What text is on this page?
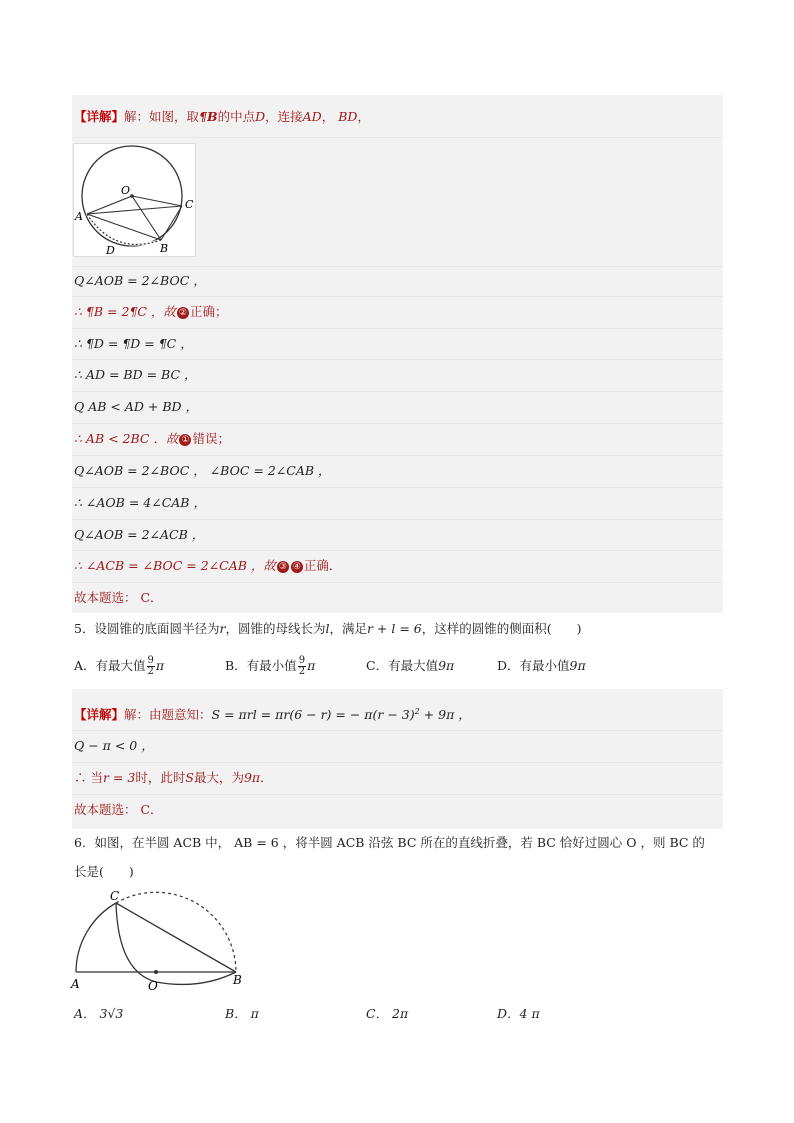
【详解】解：如图，取¶B的中点D，连接AD， BD，
O
A
C
B
D
Q∠AOB = 2∠BOC ，
∴ ¶B = 2¶C ，故 ② 正确；
∴ ¶D = ¶D = ¶C ，
∴ AD = BD = BC ，
Q AB < AD + BD ，
∴ AB < 2BC ．故 ① 错误；
Q∠AOB = 2∠BOC ， ∠BOC = 2∠CAB ，
∴ ∠AOB = 4∠CAB ，
Q∠AOB = 2∠ACB ，
∴ ∠ACB = ∠BOC = 2∠CAB ，故 ③ ④ 正确．
故本题选： C．
5．设圆锥的底面圆半径为r，圆锥的母线长为l，满足r + l = 6，这样的圆锥的侧面积(　　)
A．有最大值 $\frac{9}{2}$ π	B．有最小值 $\frac{9}{2}$ π	C．有最大值9π	D．有最小值9π
【详解】解：由题意知：S = πrl = πr(6 − r) = − $\pi(r - 3)^2 + 9\pi$ ，
Q − π < 0 ，
∴ 当r = 3时，此时S最大，为9π．
故本题选： C．
6．如图，在半圆 ACB 中， AB = 6 ，将半圆 ACB 沿弦 BC 所在的直线折叠，若 BC 恰好过圆心 O ，则 BC 的
长是(　　)
C
A	O	B
A． 3√3	B． π	C． 2π	D．4 π
